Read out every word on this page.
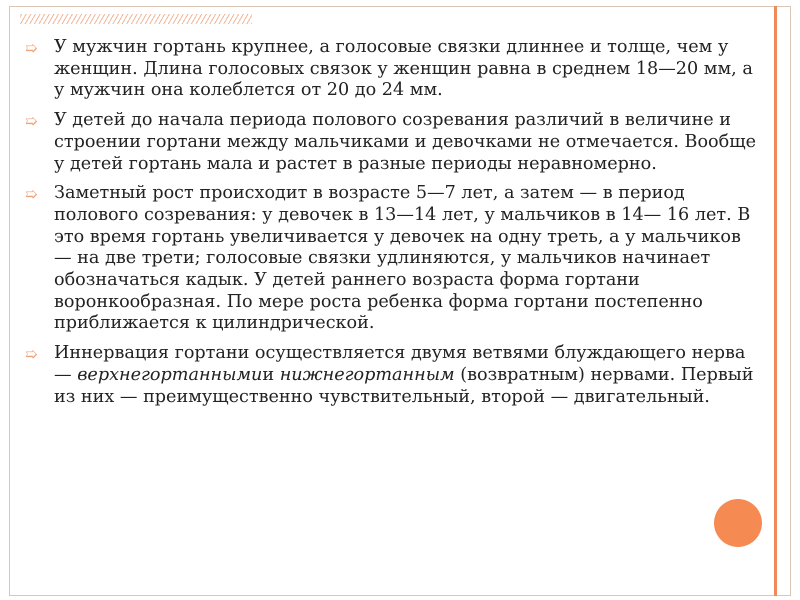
➯ У мужчин гортань крупнее, а голосовые связки длиннее и толще, чем у женщин. Длина голосовых связок у женщин равна в среднем 18—20 мм, а у мужчин она колеблется от 20 до 24 мм.
➯ У детей до начала периода полового созревания различий в величине и строении гортани между мальчиками и девочками не отмечается. Вообще у детей гортань мала и растет в разные периоды неравномерно.
➯ Заметный рост происходит в возрасте 5—7 лет, а затем — в период полового созревания: у девочек в 13—14 лет, у мальчиков в 14— 16 лет. В это время гортань увеличивается у девочек на одну треть, а у мальчиков — на две трети; голосовые связки удлиняются, у мальчиков начинает обозначаться кадык. У детей раннего возраста форма гортани воронкообразная. По мере роста ребенка форма гортани постепенно приближается к цилиндрической.
➯ Иннервация гортани осуществляется двумя ветвями блуждающего нерва
— верхнегортаннымии нижнегортанным (возвратным) нервами. Первый из них — преимущественно чувствительный, второй — двигательный.
